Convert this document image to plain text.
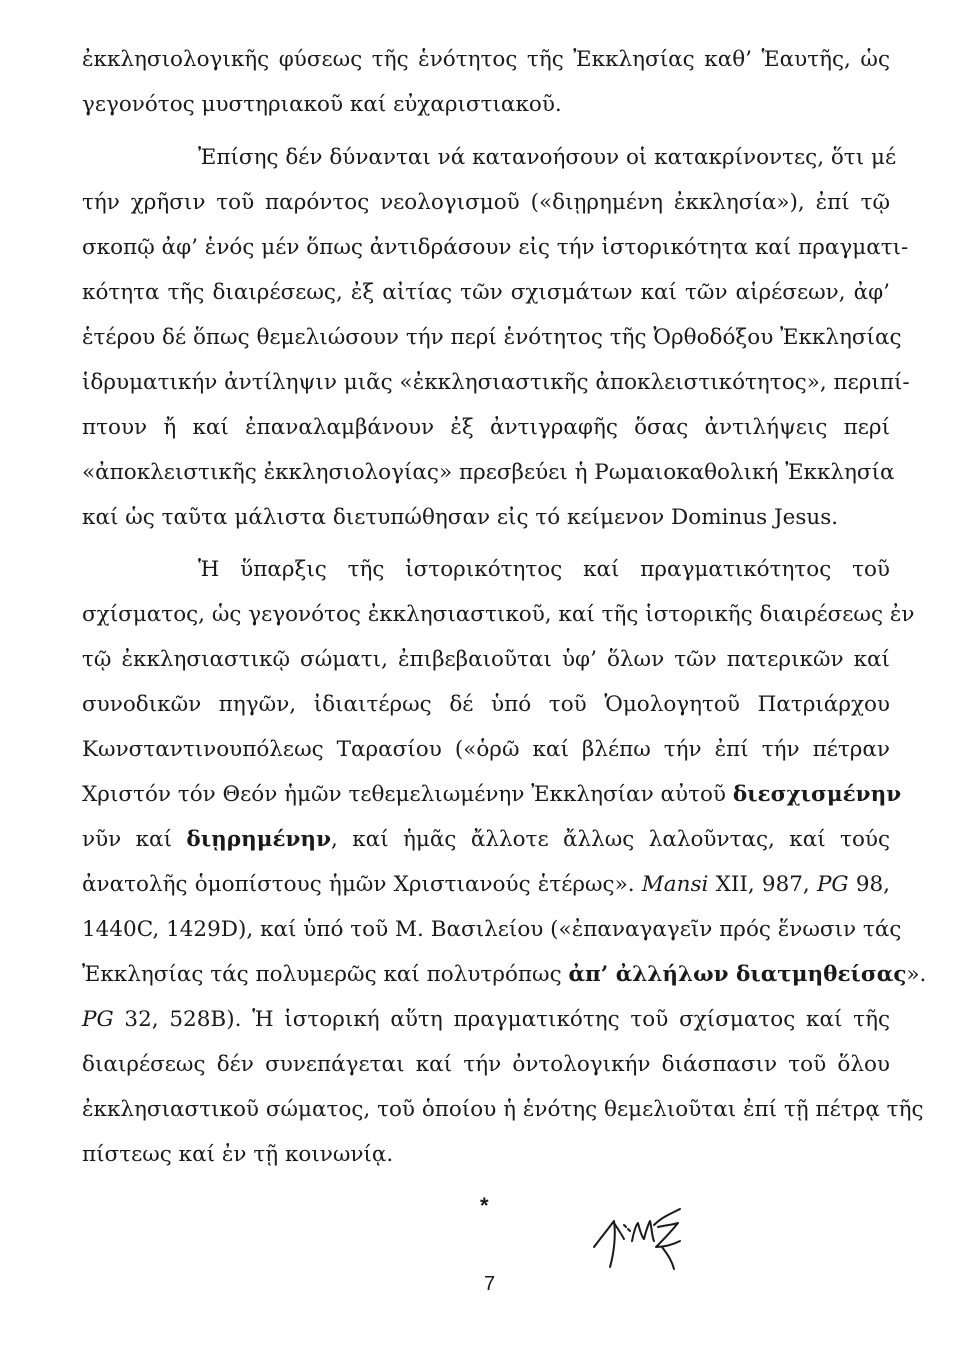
ἐκκλησιολογικῆς φύσεως τῆς ἑνότητος τῆς Ἐκκλησίας καθ’ Ἑαυτῆς, ὡς
γεγονότος μυστηριακοῦ καί εὐχαριστιακοῦ.
Ἐπίσης δέν δύνανται νά κατανοήσουν οἱ κατακρίνοντες, ὅτι μέ
τήν χρῆσιν τοῦ παρόντος νεολογισμοῦ («διῃρημένη ἐκκλησία»), ἐπί τῷ
σκοπῷ ἀφ’ ἑνός μέν ὅπως ἀντιδράσουν εἰς τήν ἱστορικότητα καί πραγματι-
κότητα τῆς διαιρέσεως, ἐξ αἰτίας τῶν σχισμάτων καί τῶν αἱρέσεων, ἀφ’
ἑτέρου δέ ὅπως θεμελιώσουν τήν περί ἑνότητος τῆς Ὀρθοδόξου Ἐκκλησίας
ἱδρυματικήν ἀντίληψιν μιᾶς «ἐκκλησιαστικῆς ἀποκλειστικότητος», περιπί-
πτουν ἤ καί ἐπαναλαμβάνουν ἐξ ἀντιγραφῆς ὅσας ἀντιλήψεις περί
«ἀποκλειστικῆς ἐκκλησιολογίας» πρεσβεύει ἡ Ρωμαιοκαθολική Ἐκκλησία
καί ὡς ταῦτα μάλιστα διετυπώθησαν εἰς τό κείμενον Dominus Jesus.
Ἡ ὕπαρξις τῆς ἱστορικότητος καί πραγματικότητος τοῦ
σχίσματος, ὡς γεγονότος ἐκκλησιαστικοῦ, καί τῆς ἱστορικῆς διαιρέσεως ἐν
τῷ ἐκκλησιαστικῷ σώματι, ἐπιβεβαιοῦται ὑφ’ ὅλων τῶν πατερικῶν καί
συνοδικῶν πηγῶν, ἰδιαιτέρως δέ ὑπό τοῦ Ὁμολογητοῦ Πατριάρχου
Κωνσταντινουπόλεως Ταρασίου («ὁρῶ καί βλέπω τήν ἐπί τήν πέτραν
Χριστόν τόν Θεόν ἡμῶν τεθεμελιωμένην Ἐκκλησίαν αὐτοῦ διεσχισμένην
νῦν καί διῃρημένην, καί ἡμᾶς ἄλλοτε ἄλλως λαλοῦντας, καί τούς
ἀνατολῆς ὁμοπίστους ἡμῶν Χριστιανούς ἑτέρως». Mansi XII, 987, PG 98,
1440C, 1429D), καί ὑπό τοῦ Μ. Βασιλείου («ἐπαναγαγεῖν πρός ἕνωσιν τάς
Ἐκκλησίας τάς πολυμερῶς καί πολυτρόπως ἀπ’ ἀλλήλων διατμηθείσας».
PG 32, 528B). Ἡ ἱστορική αὕτη πραγματικότης τοῦ σχίσματος καί τῆς
διαιρέσεως δέν συνεπάγεται καί τήν ὀντολογικήν διάσπασιν τοῦ ὅλου
ἐκκλησιαστικοῦ σώματος, τοῦ ὁποίου ἡ ἑνότης θεμελιοῦται ἐπί τῇ πέτρᾳ τῆς
πίστεως καί ἐν τῇ κοινωνίᾳ.
*
7
